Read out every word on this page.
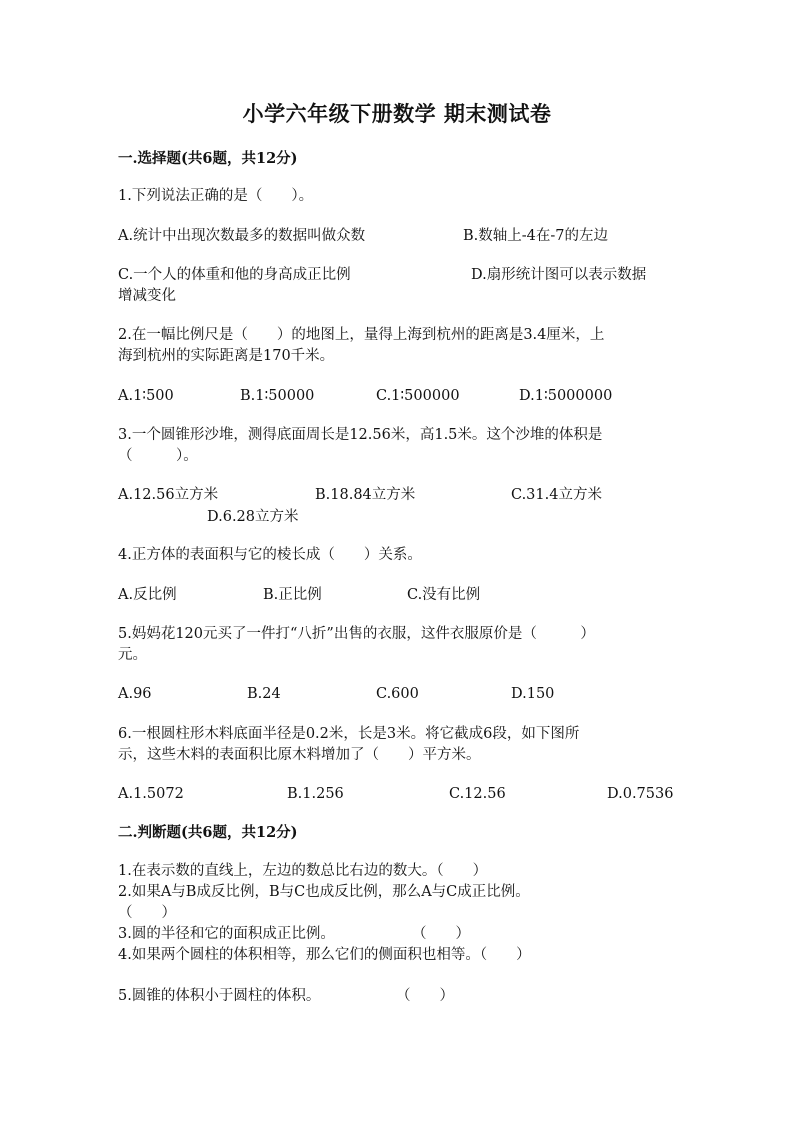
小学六年级下册数学 期末测试卷
一.选择题(共6题，共12分)
1.下列说法正确的是（　　）。
A.统计中出现次数最多的数据叫做众数	B.数轴上-4在-7的左边
C.一个人的体重和他的身高成正比例	D.扇形统计图可以表示数据
增减变化
2.在一幅比例尺是（　　）的地图上，量得上海到杭州的距离是3.4厘米，上
海到杭州的实际距离是170千米。
A.1∶500	B.1∶50000	C.1∶500000	D.1∶5000000
3.一个圆锥形沙堆，测得底面周长是12.56米，高1.5米。这个沙堆的体积是
（　　　）。
A.12.56立方米	B.18.84立方米	C.31.4立方米
D.6.28立方米
4.正方体的表面积与它的棱长成（　　）关系。
A.反比例	B.正比例	C.没有比例
5.妈妈花120元买了一件打“八折”出售的衣服，这件衣服原价是（　　　）
元。
A.96	B.24	C.600	D.150
6.一根圆柱形木料底面半径是0.2米，长是3米。将它截成6段，如下图所
示，这些木料的表面积比原木料增加了（　　）平方米。
A.1.5072	B.1.256	C.12.56	D.0.7536
二.判断题(共6题，共12分)
1.在表示数的直线上，左边的数总比右边的数大。（　　）
2.如果A与B成反比例，B与C也成反比例，那么A与C成正比例。
（　　）
3.圆的半径和它的面积成正比例。	（　　）
4.如果两个圆柱的体积相等，那么它们的侧面积也相等。（　　）
5.圆锥的体积小于圆柱的体积。	（　　）
